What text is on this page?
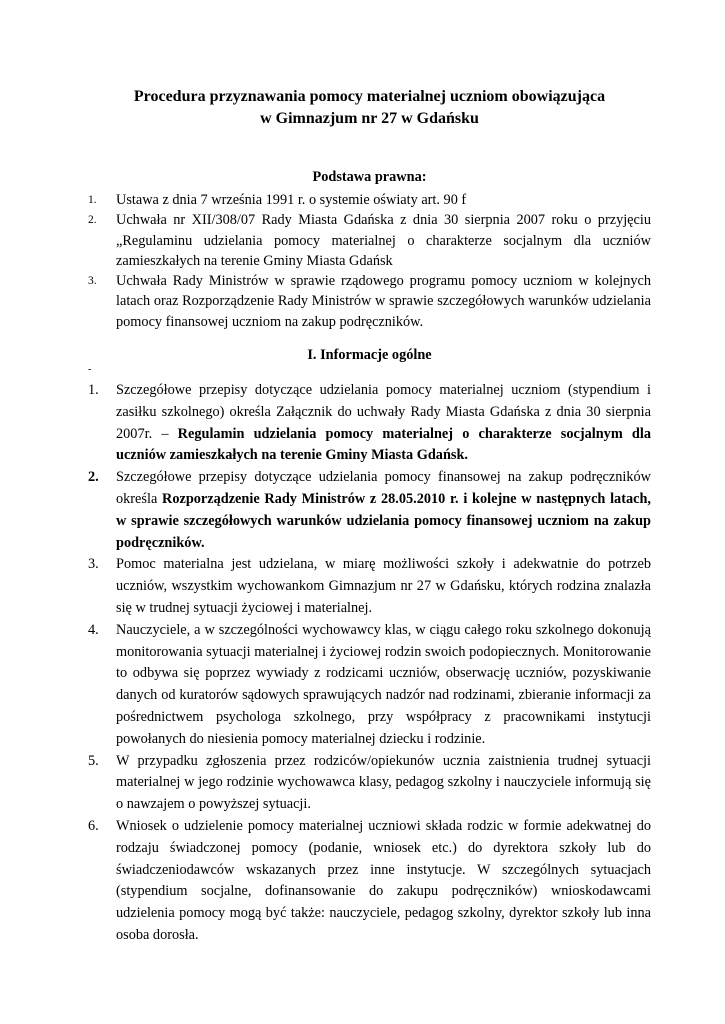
Procedura przyznawania pomocy materialnej uczniom obowiązująca
w Gimnazjum nr 27 w Gdańsku
Podstawa prawna:
1. Ustawa z dnia 7 września 1991 r. o systemie oświaty art. 90 f
2. Uchwała nr XII/308/07 Rady Miasta Gdańska z dnia 30 sierpnia 2007 roku o przyjęciu „Regulaminu udzielania pomocy materialnej o charakterze socjalnym dla uczniów zamieszkałych na terenie Gminy Miasta Gdańsk
3. Uchwała Rady Ministrów w sprawie rządowego programu pomocy uczniom w kolejnych latach oraz Rozporządzenie Rady Ministrów w sprawie szczegółowych warunków udzielania pomocy finansowej uczniom na zakup podręczników.
I. Informacje ogólne
-
1. Szczegółowe przepisy dotyczące udzielania pomocy materialnej uczniom (stypendium i zasiłku szkolnego) określa Załącznik do uchwały Rady Miasta Gdańska z dnia 30 sierpnia 2007r. – Regulamin udzielania pomocy materialnej o charakterze socjalnym dla uczniów zamieszkałych na terenie Gminy Miasta Gdańsk.
2. Szczegółowe przepisy dotyczące udzielania pomocy finansowej na zakup podręczników określa Rozporządzenie Rady Ministrów z 28.05.2010 r. i kolejne w następnych latach, w sprawie szczegółowych warunków udzielania pomocy finansowej uczniom na zakup podręczników.
3. Pomoc materialna jest udzielana, w miarę możliwości szkoły i adekwatnie do potrzeb uczniów, wszystkim wychowankom Gimnazjum nr 27 w Gdańsku, których rodzina znalazła się w trudnej sytuacji życiowej i materialnej.
4. Nauczyciele, a w szczególności wychowawcy klas, w ciągu całego roku szkolnego dokonują monitorowania sytuacji materialnej i życiowej rodzin swoich podopiecznych. Monitorowanie to odbywa się poprzez wywiady z rodzicami uczniów, obserwację uczniów, pozyskiwanie danych od kuratorów sądowych sprawujących nadzór nad rodzinami, zbieranie informacji za pośrednictwem psychologa szkolnego, przy współpracy z pracownikami instytucji powołanych do niesienia pomocy materialnej dziecku i rodzinie.
5. W przypadku zgłoszenia przez rodziców/opiekunów ucznia zaistnienia trudnej sytuacji materialnej w jego rodzinie wychowawca klasy, pedagog szkolny i nauczyciele informują się o nawzajem o powyższej sytuacji.
6. Wniosek o udzielenie pomocy materialnej uczniowi składa rodzic w formie adekwatnej do rodzaju świadczonej pomocy (podanie, wniosek etc.) do dyrektora szkoły lub do świadczeniodawców wskazanych przez inne instytucje. W szczególnych sytuacjach (stypendium socjalne, dofinansowanie do zakupu podręczników) wnioskodawcami udzielenia pomocy mogą być także: nauczyciele, pedagog szkolny, dyrektor szkoły lub inna osoba dorosła.
